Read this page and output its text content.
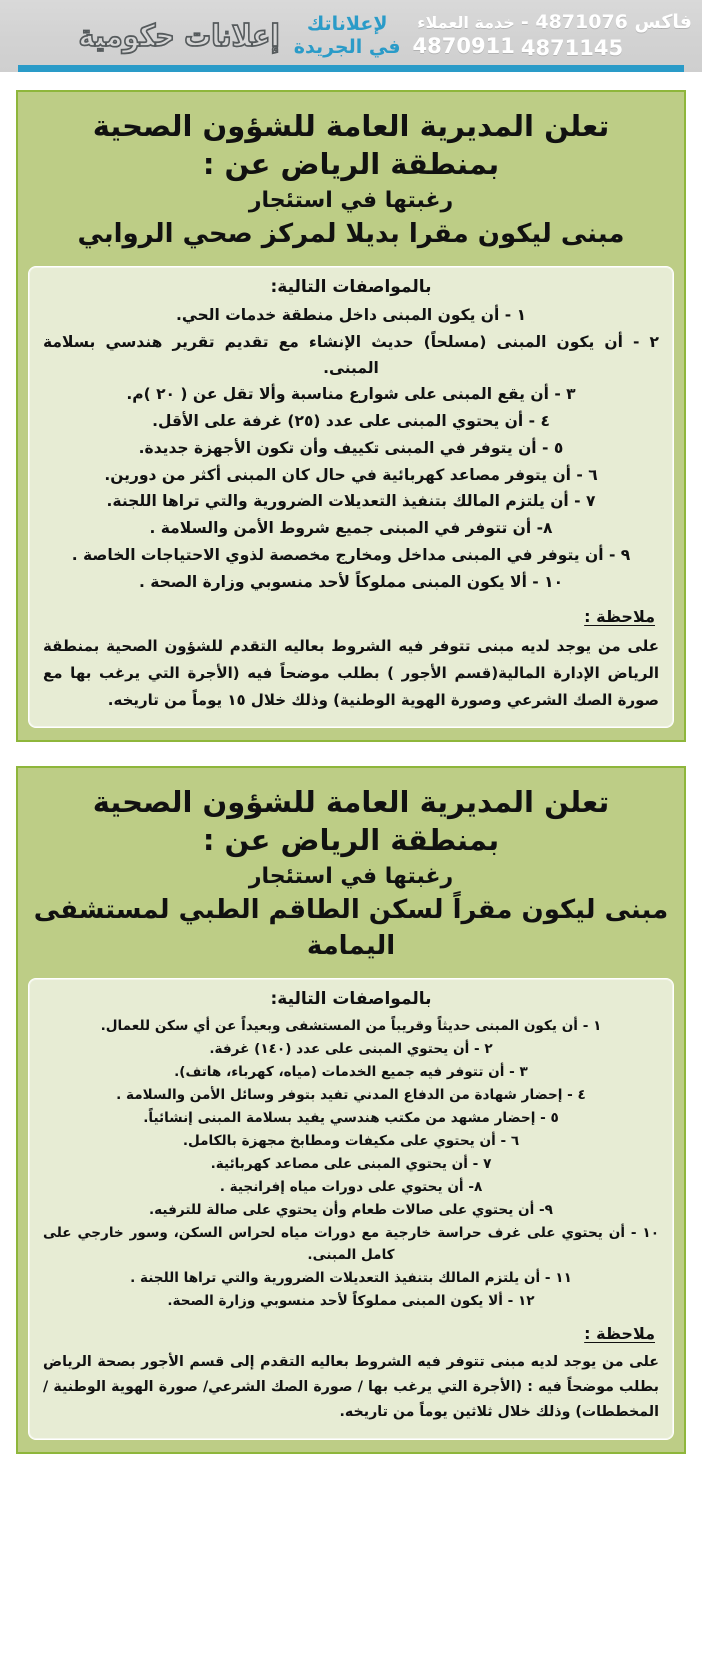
فاكس 4871076 -
4871145
خدمة العملاء
4870911
لإعلاناتك
في الجريدة
إعلانات حكومية
تعلن المديرية العامة للشؤون الصحية
بمنطقة الرياض عن :
رغبتها في استئجار
مبنى ليكون مقرا بديلا لمركز صحي الروابي
بالمواصفات التالية:
١ - أن يكون المبنى داخل منطقة خدمات الحي.
٢ - أن يكون المبنى (مسلحاً) حديث الإنشاء مع تقديم تقرير هندسي بسلامة المبنى.
٣ - أن يقع المبنى على شوارع مناسبة وألا تقل عن ( ٢٠ )م.
٤ - أن يحتوي المبنى على عدد (٢٥) غرفة على الأقل.
٥ - أن يتوفر في المبنى تكييف وأن تكون الأجهزة جديدة.
٦ - أن يتوفر مصاعد كهربائية في حال كان المبنى أكثر من دورين.
٧ - أن يلتزم المالك بتنفيذ التعديلات الضرورية والتي تراها اللجنة.
٨- أن تتوفر في المبنى جميع شروط الأمن والسلامة .
٩ - أن يتوفر في المبنى مداخل ومخارج مخصصة لذوي الاحتياجات الخاصة .
١٠ - ألا يكون المبنى مملوكاً لأحد منسوبي وزارة الصحة .
ملاحظة :
على من يوجد لديه مبنى تتوفر فيه الشروط بعاليه التقدم للشؤون الصحية بمنطقة الرياض الإدارة المالية(قسم الأجور ) بطلب موضحاً فيه (الأجرة التي يرغب بها مع صورة الصك الشرعي وصورة الهوية الوطنية) وذلك خلال ١٥ يوماً من تاريخه.
تعلن المديرية العامة للشؤون الصحية
بمنطقة الرياض عن :
رغبتها في استئجار
مبنى ليكون مقراً لسكن الطاقم الطبي لمستشفى اليمامة
بالمواصفات التالية:
١ - أن يكون المبنى حديثاً وقريباً من المستشفى وبعيداً عن أي سكن للعمال.
٢ - أن يحتوي المبنى على عدد (١٤٠) غرفة.
٣ - أن تتوفر فيه جميع الخدمات (مياه، كهرباء، هاتف).
٤ - إحضار شهادة من الدفاع المدني تفيد بتوفر وسائل الأمن والسلامة .
٥ - إحضار مشهد من مكتب هندسي يفيد بسلامة المبنى إنشائياً.
٦ - أن يحتوي على مكيفات ومطابخ مجهزة بالكامل.
٧ - أن يحتوي المبنى على مصاعد كهربائية.
٨- أن يحتوي على دورات مياه إفرانجية .
٩- أن يحتوي على صالات طعام وأن يحتوي على صالة للترفيه.
١٠ - أن يحتوي على غرف حراسة خارجية مع دورات مياه لحراس السكن، وسور خارجي على كامل المبنى.
١١ - أن يلتزم المالك بتنفيذ التعديلات الضرورية والتي تراها اللجنة .
١٢ - ألا يكون المبنى مملوكاً لأحد منسوبي وزارة الصحة.
ملاحظة :
على من يوجد لديه مبنى تتوفر فيه الشروط بعاليه التقدم إلى قسم الأجور بصحة الرياض بطلب موضحاً فيه : (الأجرة التي يرغب بها / صورة الصك الشرعي/ صورة الهوية الوطنية / المخططات) وذلك خلال ثلاثين يوماً من تاريخه.
